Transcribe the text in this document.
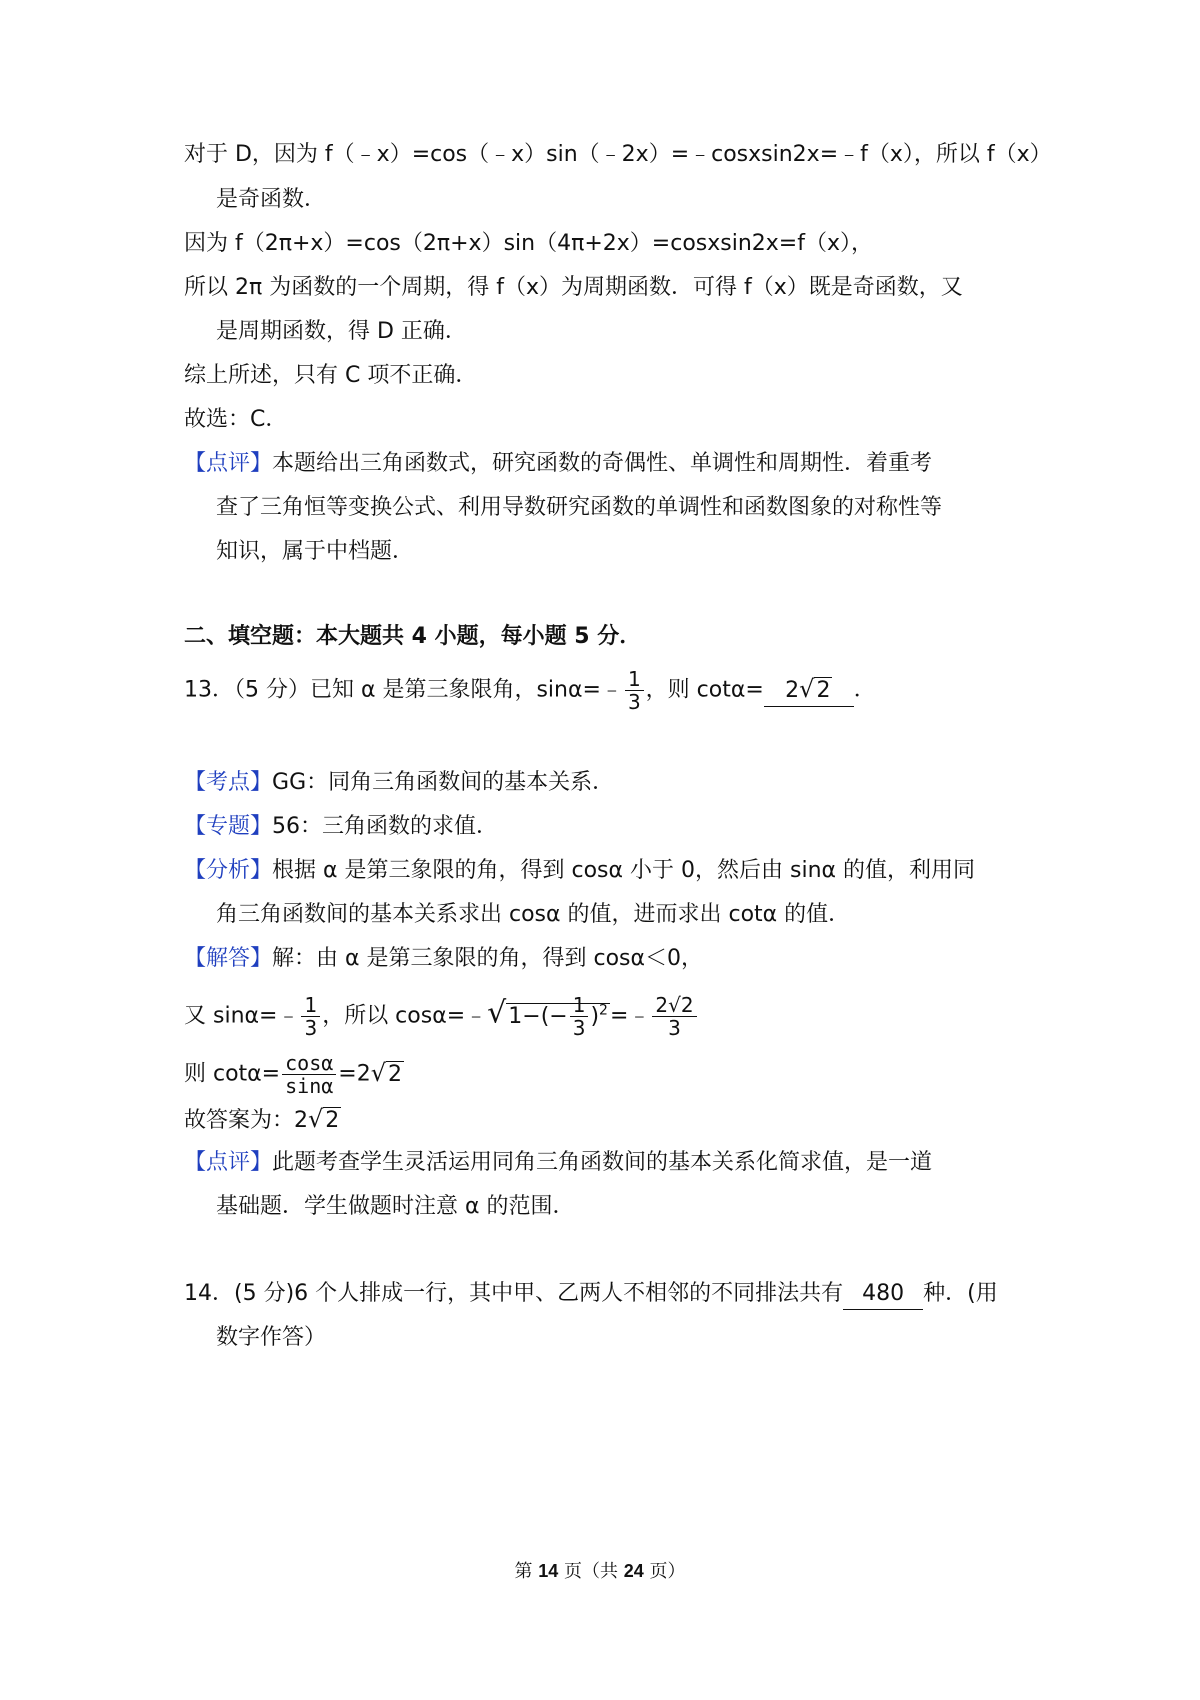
对于 D，因为 f（﹣x）=cos（﹣x）sin（﹣2x）=﹣cosxsin2x=﹣f（x），所以 f（x）
是奇函数．
因为 f（2π+x）=cos（2π+x）sin（4π+2x）=cosxsin2x=f（x），
所以 2π 为函数的一个周期，得 f（x）为周期函数．可得 f（x）既是奇函数，又
是周期函数，得 D 正确．
综上所述，只有 C 项不正确．
故选：C．
【点评】本题给出三角函数式，研究函数的奇偶性、单调性和周期性．着重考
查了三角恒等变换公式、利用导数研究函数的单调性和函数图象的对称性等
知识，属于中档题．
二、填空题：本大题共 4 小题，每小题 5 分．
13．（5 分）已知 α 是第三象限角，sinα=﹣ $\frac{1}{3}$ ，则 cotα= 2√2 ．
【考点】GG：同角三角函数间的基本关系．
【专题】56：三角函数的求值．
【分析】根据 α 是第三象限的角，得到 cosα 小于 0，然后由 sinα 的值，利用同
角三角函数间的基本关系求出 cosα 的值，进而求出 cotα 的值．
【解答】解：由 α 是第三象限的角，得到 cosα＜0，
又 sinα=﹣ $\frac{1}{3}$ ，所以 cosα=﹣√1−(− $\frac{1}{3}$ )$^2$=﹣ $\frac{2√2}{3}$
则 $\cot\alpha= \frac{\cos\alpha}{\sin\alpha} =2√2$
故答案为：2√2
【点评】此题考查学生灵活运用同角三角函数间的基本关系化简求值，是一道
基础题．学生做题时注意 α 的范围．
14．(5 分)6 个人排成一行，其中甲、乙两人不相邻的不同排法共有 480 种．(用
数字作答）
第 14 页（共 24 页）
